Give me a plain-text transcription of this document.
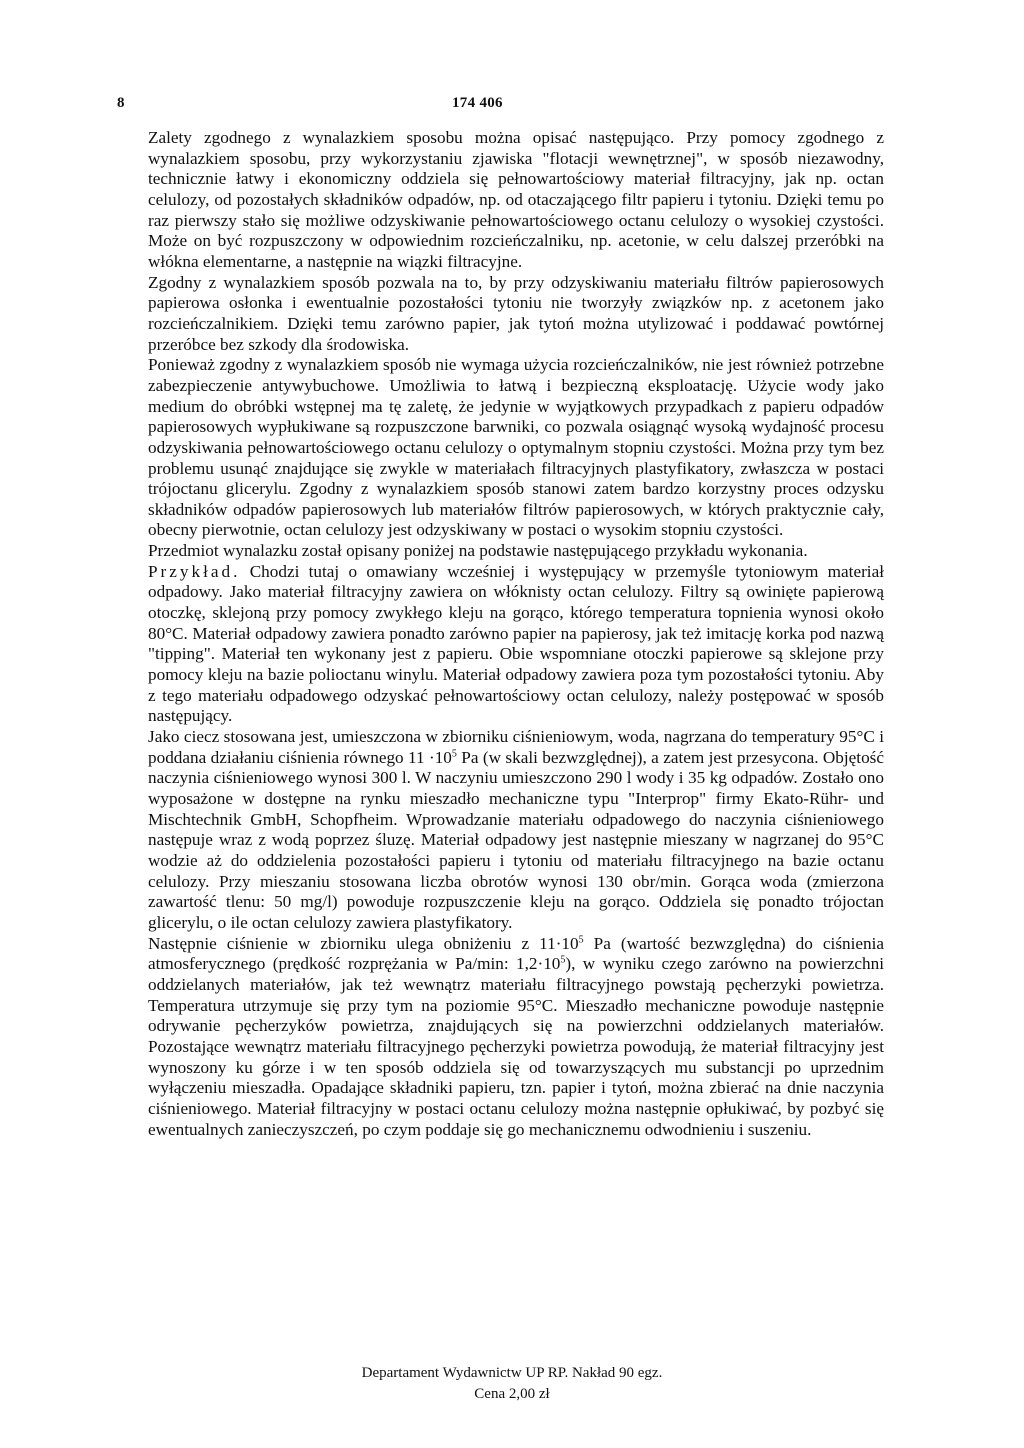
8	174 406

Zalety zgodnego z wynalazkiem sposobu można opisać następująco. Przy pomocy zgodnego z wynalazkiem sposobu, przy wykorzystaniu zjawiska "flotacji wewnętrznej", w sposób niezawodny, technicznie łatwy i ekonomiczny oddziela się pełnowartościowy materiał filtracyjny, jak np. octan celulozy, od pozostałych składników odpadów, np. od otaczającego filtr papieru i tytoniu. Dzięki temu po raz pierwszy stało się możliwe odzyskiwanie pełnowartościowego octanu celulozy o wysokiej czystości. Może on być rozpuszczony w odpowiednim rozcieńczalniku, np. acetonie, w celu dalszej przeróbki na włókna elementarne, a następnie na wiązki filtracyjne.

Zgodny z wynalazkiem sposób pozwala na to, by przy odzyskiwaniu materiału filtrów papierosowych papierowa osłonka i ewentualnie pozostałości tytoniu nie tworzyły związków np. z acetonem jako rozcieńczalnikiem. Dzięki temu zarówno papier, jak tytoń można utylizować i poddawać powtórnej przeróbce bez szkody dla środowiska.

Ponieważ zgodny z wynalazkiem sposób nie wymaga użycia rozcieńczalników, nie jest również potrzebne zabezpieczenie antywybuchowe. Umożliwia to łatwą i bezpieczną eksploatację. Użycie wody jako medium do obróbki wstępnej ma tę zaletę, że jedynie w wyjątkowych przypadkach z papieru odpadów papierosowych wypłukiwane są rozpuszczone barwniki, co pozwala osiągnąć wysoką wydajność procesu odzyskiwania pełnowartościowego octanu celulozy o optymalnym stopniu czystości. Można przy tym bez problemu usunąć znajdujące się zwykle w materiałach filtracyjnych plastyfikatory, zwłaszcza w postaci trójoctanu glicerylu. Zgodny z wynalazkiem sposób stanowi zatem bardzo korzystny proces odzysku składników odpadów papierosowych lub materiałów filtrów papierosowych, w których praktycznie cały, obecny pierwotnie, octan celulozy jest odzyskiwany w postaci o wysokim stopniu czystości.

Przedmiot wynalazku został opisany poniżej na podstawie następującego przykładu wykonania.

Przykład. Chodzi tutaj o omawiany wcześniej i występujący w przemyśle tytoniowym materiał odpadowy. Jako materiał filtracyjny zawiera on włóknisty octan celulozy. Filtry są owinięte papierową otoczkę, sklejoną przy pomocy zwykłego kleju na gorąco, którego temperatura topnienia wynosi około 80°C. Materiał odpadowy zawiera ponadto zarówno papier na papierosy, jak też imitację korka pod nazwą "tipping". Materiał ten wykonany jest z papieru. Obie wspomniane otoczki papierowe są sklejone przy pomocy kleju na bazie polioctanu winylu. Materiał odpadowy zawiera poza tym pozostałości tytoniu. Aby z tego materiału odpadowego odzyskać pełnowartościowy octan celulozy, należy postępować w sposób następujący.

Jako ciecz stosowana jest, umieszczona w zbiorniku ciśnieniowym, woda, nagrzana do temperatury 95°C i poddana działaniu ciśnienia równego $11 \cdot 10^5$ Pa (w skali bezwzględnej), a zatem jest przesycona. Objętość naczynia ciśnieniowego wynosi 300 l. W naczyniu umieszczono 290 l wody i 35 kg odpadów. Zostało ono wyposażone w dostępne na rynku mieszadło mechaniczne typu "Interprop" firmy Ekato-Rühr- und Mischtechnik GmbH, Schopfheim. Wprowadzanie materiału odpadowego do naczynia ciśnieniowego następuje wraz z wodą poprzez śluzę. Materiał odpadowy jest następnie mieszany w nagrzanej do 95°C wodzie aż do oddzielenia pozostałości papieru i tytoniu od materiału filtracyjnego na bazie octanu celulozy. Przy mieszaniu stosowana liczba obrotów wynosi 130 obr/min. Gorąca woda (zmierzona zawartość tlenu: 50 mg/l) powoduje rozpuszczenie kleju na gorąco. Oddziela się ponadto trójoctan glicerylu, o ile octan celulozy zawiera plastyfikatory.

Następnie ciśnienie w zbiorniku ulega obniżeniu z $11\cdot 10^5$ Pa (wartość bezwzględna) do ciśnienia atmosferycznego (prędkość rozprężania w Pa/min: $1,2\cdot 10^5$), w wyniku czego zarówno na powierzchni oddzielanych materiałów, jak też wewnątrz materiału filtracyjnego powstają pęcherzyki powietrza. Temperatura utrzymuje się przy tym na poziomie 95°C. Mieszadło mechaniczne powoduje następnie odrywanie pęcherzyków powietrza, znajdujących się na powierzchni oddzielanych materiałów. Pozostające wewnątrz materiału filtracyjnego pęcherzyki powietrza powodują, że materiał filtracyjny jest wynoszony ku górze i w ten sposób oddziela się od towarzyszących mu substancji po uprzednim wyłączeniu mieszadła. Opadające składniki papieru, tzn. papier i tytoń, można zbierać na dnie naczynia ciśnieniowego. Materiał filtracyjny w postaci octanu celulozy można następnie opłukiwać, by pozbyć się ewentualnych zanieczyszczeń, po czym poddaje się go mechanicznemu odwodnieniu i suszeniu.

Departament Wydawnictw UP RP. Nakład 90 egz.
Cena 2,00 zł
